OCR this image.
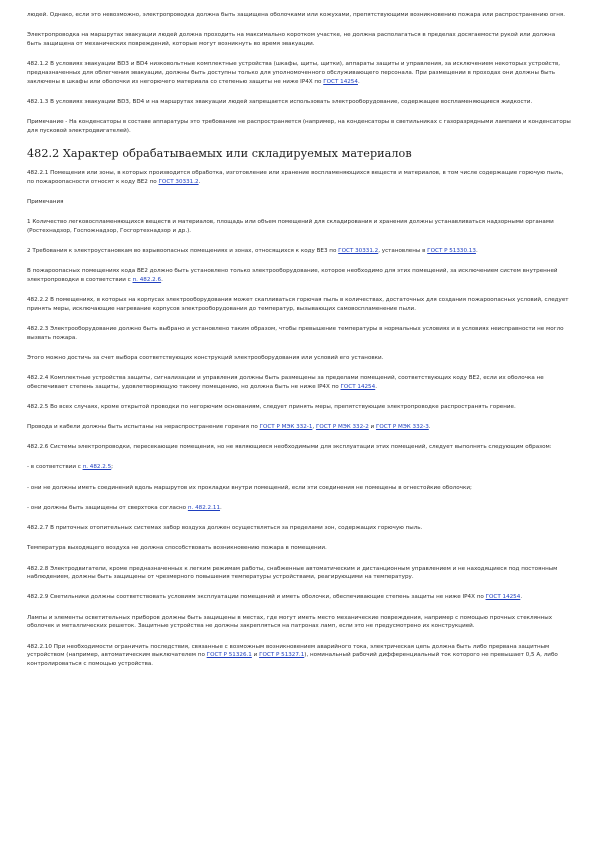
людей. Однако, если это невозможно, электропроводка должна быть защищена оболочками или кожухами, препятствующими возникновению пожара или распространению огня.

Электропроводка на маршрутах эвакуации людей должна проходить на максимально коротком участке, не должна располагаться в пределах досягаемости рукой или должна быть защищена от механических повреждений, которые могут возникнуть во время эвакуации.

482.1.2 В условиях эвакуации BD3 и BD4 низковольтные комплектные устройства (шкафы, щиты, щитки), аппараты защиты и управления, за исключением некоторых устройств, предназначенных для облегчения эвакуации, должны быть доступны только для уполномоченного обслуживающего персонала. При размещении в проходах они должны быть заключены в шкафы или оболочки из негорючего материала со степенью защиты не ниже IP4X по ГОСТ 14254.

482.1.3 В условиях эвакуации BD3, BD4 и на маршрутах эвакуации людей запрещается использовать электрооборудование, содержащее воспламеняющиеся жидкости.

Примечание - На конденсаторы в составе аппаратуры это требование не распространяется (например, на конденсаторы в светильниках с газоразрядными лампами и конденсаторы для пусковой электродвигателей).

482.2 Характер обрабатываемых или складируемых материалов

482.2.1 Помещения или зоны, в которых производится обработка, изготовление или хранение воспламеняющихся веществ и материалов, в том числе содержащие горючую пыль, по пожароопасности относят к коду BE2 по ГОСТ 30331.2.

Примечания

1 Количество легковоспламеняющихся веществ и материалов, площадь или объем помещений для складирования и хранения должны устанавливаться надзорными органами (Ростехнадзор, Госпожнадзор, Госгортехнадзор и др.).

2 Требования к электроустановкам во взрывоопасных помещениях и зонах, относящихся к коду BE3 по ГОСТ 30331.2, установлены в ГОСТ Р 51330.13.

В пожароопасных помещениях кода BE2 должно быть установлено только электрооборудование, которое необходимо для этих помещений, за исключением систем внутренней электропроводки в соответствии с п. 482.2.6.

482.2.2 В помещениях, в которых на корпусах электрооборудования может скапливаться горючая пыль в количествах, достаточных для создания пожароопасных условий, следует принять меры, исключающие нагревание корпусов электрооборудования до температур, вызывающих самовоспламенение пыли.

482.2.3 Электрооборудование должно быть выбрано и установлено таким образом, чтобы превышение температуры в нормальных условиях и в условиях неисправности не могло вызвать пожара.

Этого можно достичь за счет выбора соответствующих конструкций электрооборудования или условий его установки.

482.2.4 Комплектные устройства защиты, сигнализации и управления должны быть размещены за пределами помещений, соответствующих коду BE2, если их оболочка не обеспечивает степень защиты, удовлетворяющую такому помещению, но должна быть не ниже IP4X по ГОСТ 14254.

482.2.5 Во всех случаях, кроме открытой проводки по негорючим основаниям, следует принять меры, препятствующие электропроводке распространять горение.

Провода и кабели должны быть испытаны на нераспространение горения по ГОСТ Р МЭК 332-1, ГОСТ Р МЭК 332-2 и ГОСТ Р МЭК 332-3.

482.2.6 Системы электропроводки, пересекающие помещения, но не являющиеся необходимыми для эксплуатации этих помещений, следует выполнять следующим образом:

- в соответствии с п. 482.2.5;

- они не должны иметь соединений вдоль маршрутов их прокладки внутри помещений, если эти соединения не помещены в огнестойкие оболочки;

- они должны быть защищены от сверхтока согласно п. 482.2.11.

482.2.7 В приточных отопительных системах забор воздуха должен осуществляться за пределами зон, содержащих горючую пыль.

Температура выходящего воздуха не должна способствовать возникновению пожара в помещении.

482.2.8 Электродвигатели, кроме предназначенных к легким режимам работы, снабженные автоматическим и дистанционным управлением и не находящиеся под постоянным наблюдением, должны быть защищены от чрезмерного повышения температуры устройствами, реагирующими на температуру.

482.2.9 Светильники должны соответствовать условиям эксплуатации помещений и иметь оболочки, обеспечивающие степень защиты не ниже IP4X по ГОСТ 14254.

Лампы и элементы осветительных приборов должны быть защищены в местах, где могут иметь место механические повреждения, например с помощью прочных стеклянных оболочек и металлических решеток. Защитные устройства не должны закрепляться на патронах ламп, если это не предусмотрено их конструкцией.

482.2.10 При необходимости ограничить последствия, связанные с возможным возникновением аварийного тока, электрическая цепь должна быть либо прервана защитным устройством (например, автоматическим выключателем по ГОСТ Р 51326.1 и ГОСТ Р 51327.1), номинальный рабочий дифференциальный ток которого не превышает 0,5 А, либо контролироваться с помощью устройства.
